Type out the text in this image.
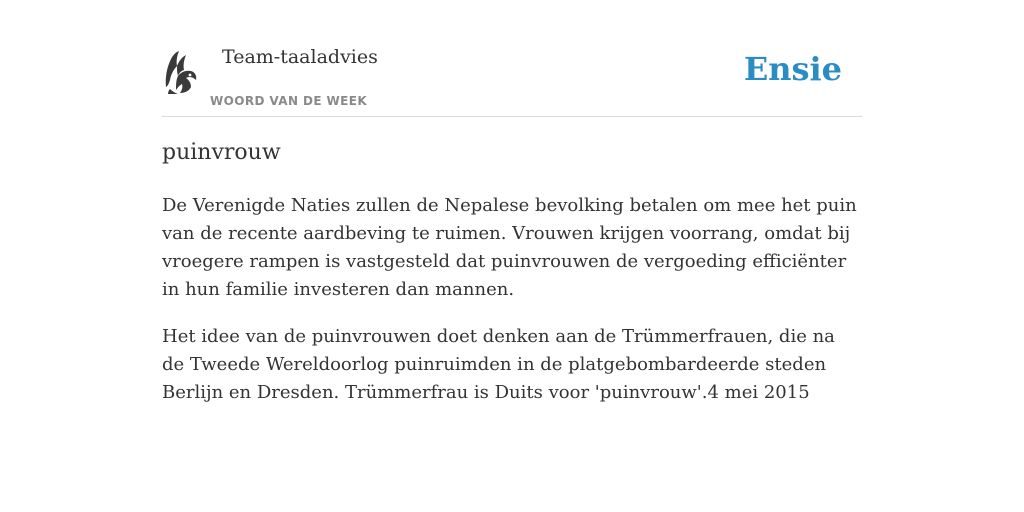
Team-taaladvies
WOORD VAN DE WEEK
Ensie
puinvrouw

De Verenigde Naties zullen de Nepalese bevolking betalen om mee het puin van de recente aardbeving te ruimen. Vrouwen krijgen voorrang, omdat bij vroegere rampen is vastgesteld dat puinvrouwen de vergoeding efficiënter in hun familie investeren dan mannen.

Het idee van de puinvrouwen doet denken aan de Trümmerfrauen, die na de Tweede Wereldoorlog puinruimden in de platgebombardeerde steden Berlijn en Dresden. Trümmerfrau is Duits voor 'puinvrouw'.4 mei 2015
